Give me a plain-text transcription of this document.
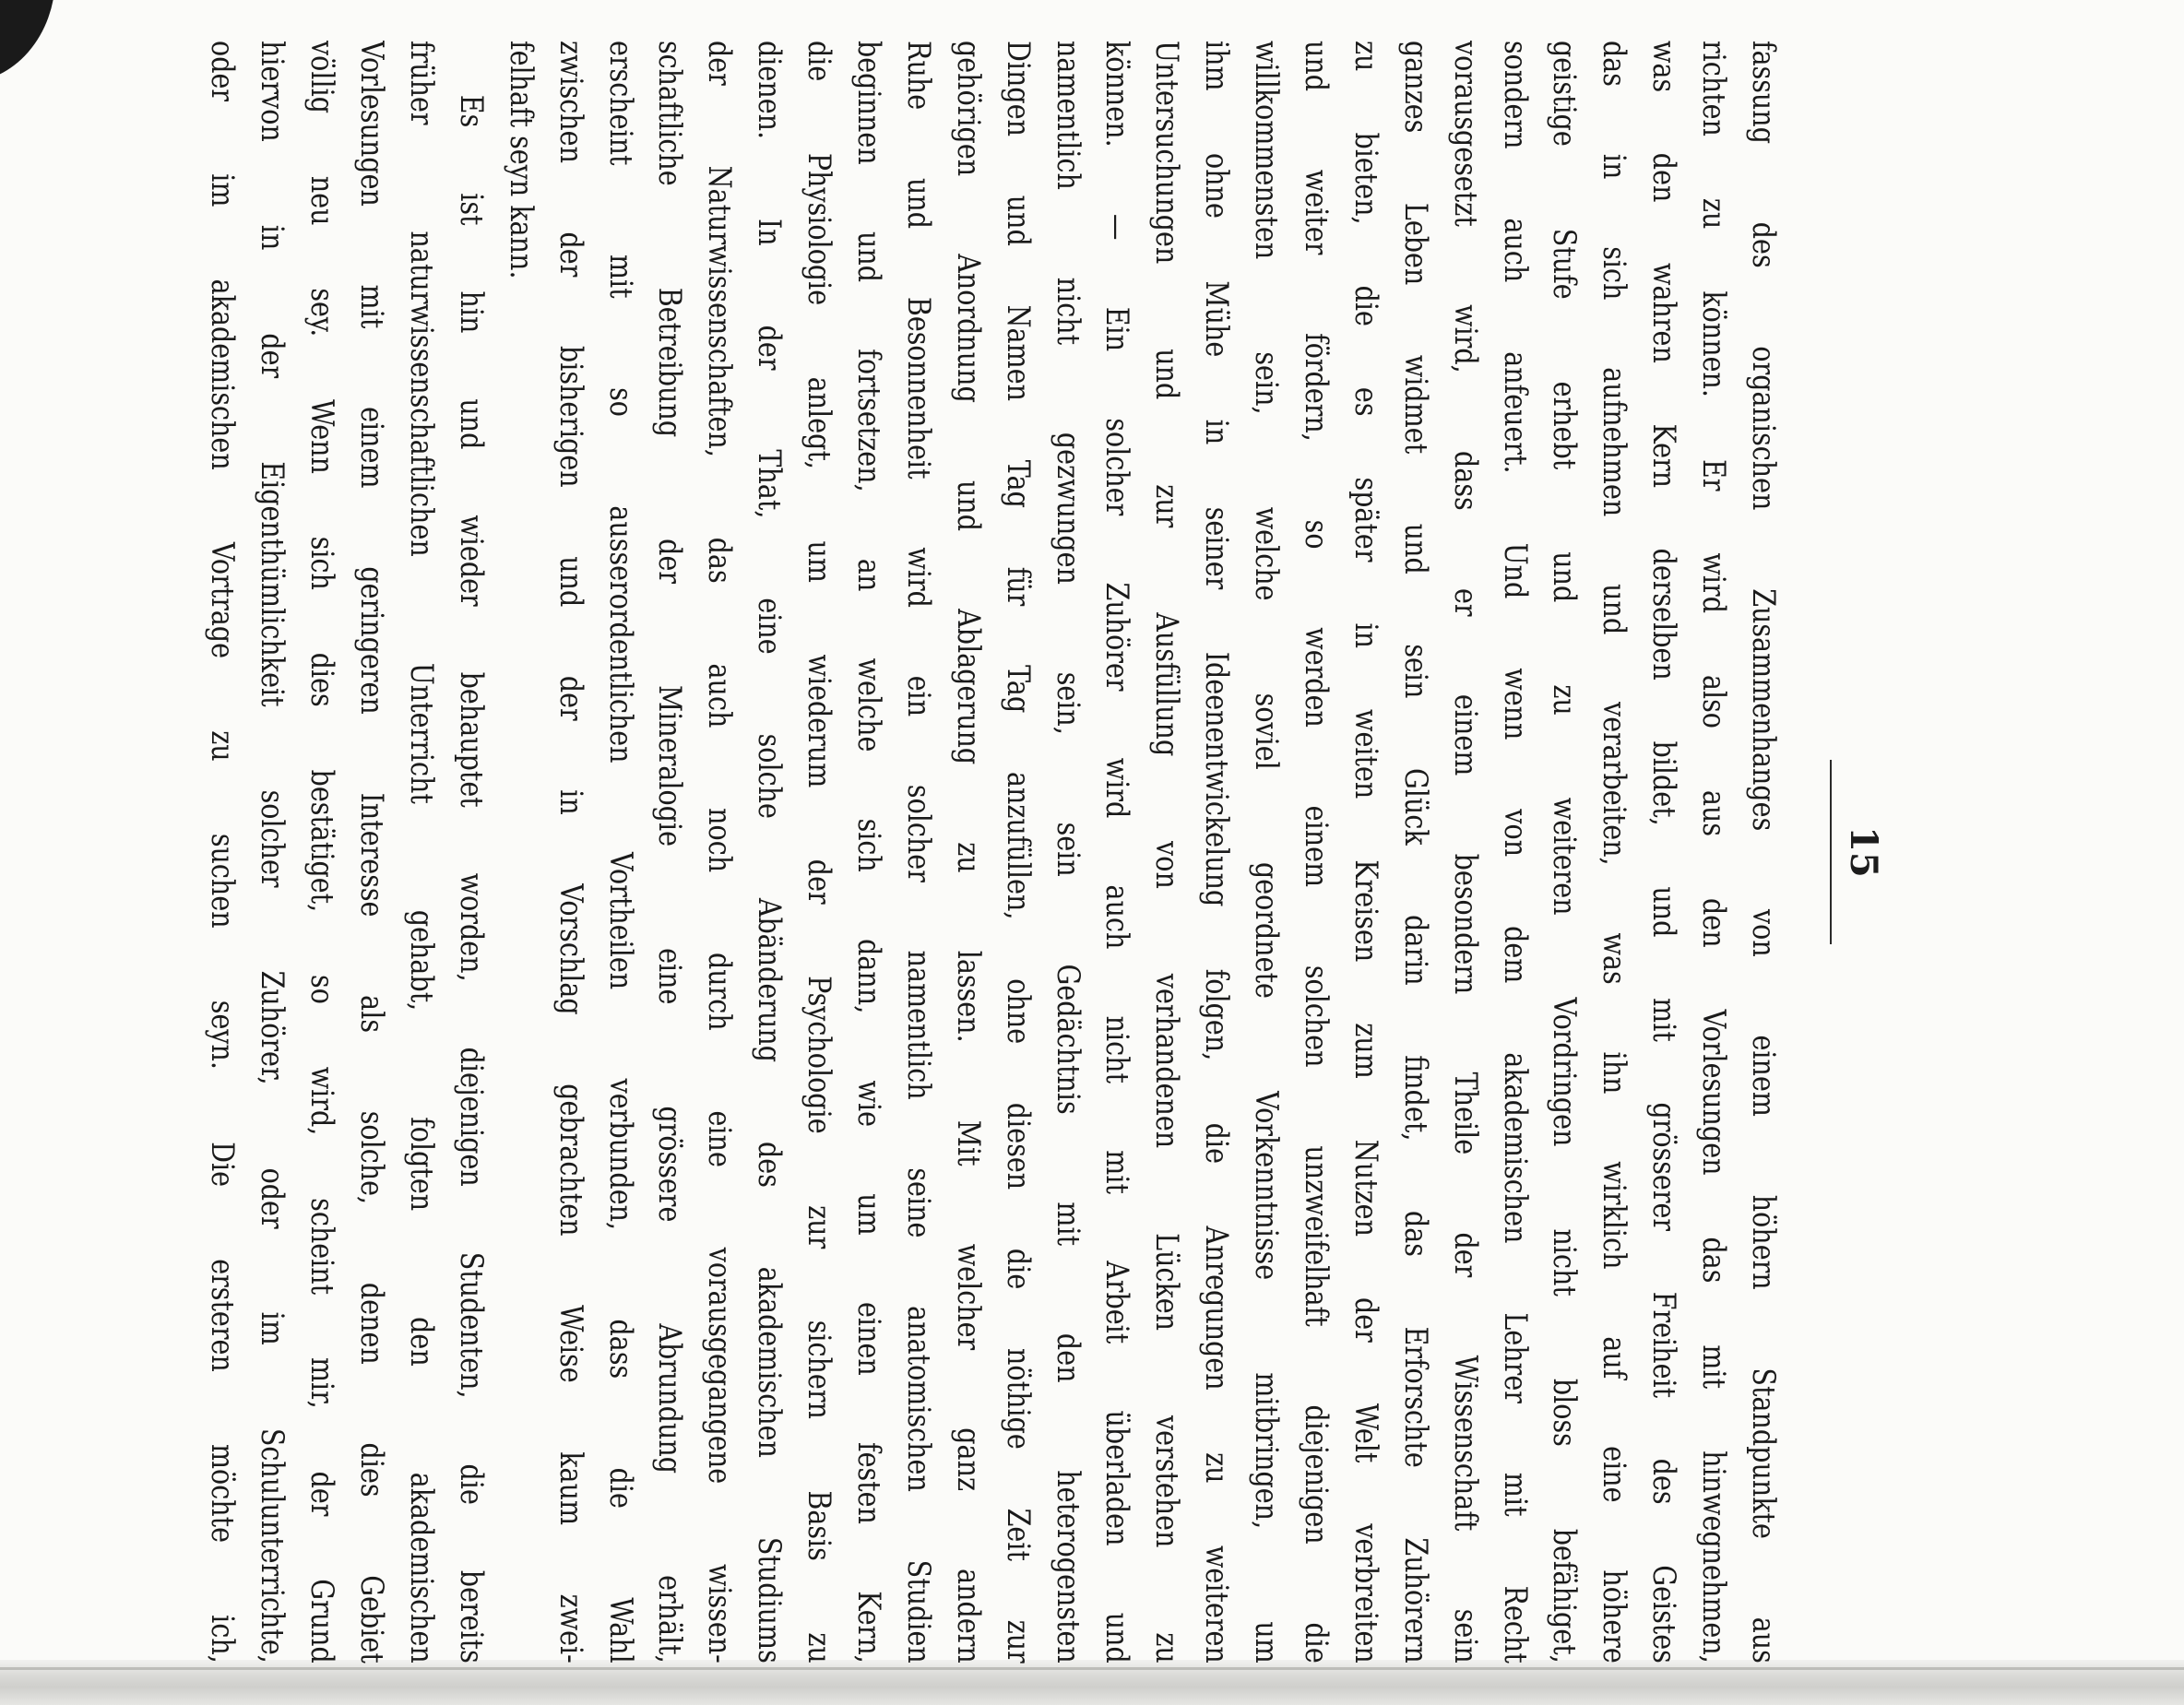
15
fassung des organischen Zusammenhanges von einem höhern Standpunkte aus
richten zu können. Er wird also aus den Vorlesungen das mit hinwegnehmen,
was den wahren Kern derselben bildet, und mit grösserer Freiheit des Geistes
das in sich aufnehmen und verarbeiten, was ihn wirklich auf eine höhere
geistige Stufe erhebt und zu weiteren Vordringen nicht bloss befähiget,
sondern auch anfeuert. Und wenn von dem akademischen Lehrer mit Recht
vorausgesetzt wird, dass er einem besondern Theile der Wissenschaft sein
ganzes Leben widmet und sein Glück darin findet, das Erforschte Zuhörern
zu bieten, die es später in weiten Kreisen zum Nutzen der Welt verbreiten
und weiter fördern, so werden einem solchen unzweifelhaft diejenigen die
willkommensten sein, welche soviel geordnete Vorkenntnisse mitbringen, um
ihm ohne Mühe in seiner Ideenentwickelung folgen, die Anregungen zu weiteren
Untersuchungen und zur Ausfüllung von verhandenen Lücken verstehen zu
können. — Ein solcher Zuhörer wird auch nicht mit Arbeit überladen und
namentlich nicht gezwungen sein, sein Gedächtnis mit den heterogensten
Dingen und Namen Tag für Tag anzufüllen, ohne diesen die nöthige Zeit zur
gehörigen Anordnung und Ablagerung zu lassen. Mit welcher ganz andern
Ruhe und Besonnenheit wird ein solcher namentlich seine anatomischen Studien
beginnen und fortsetzen, an welche sich dann, wie um einen festen Kern,
die Physiologie anlegt, um wiederum der Psychologie zur sichern Basis zu
dienen. In der That, eine solche Abänderung des akademischen Studiums
der Naturwissenschaften, das auch noch durch eine vorausgegangene wissen-
schaftliche Betreibung der Mineralogie eine grössere Abrundung erhält,
erscheint mit so ausserordentlichen Vortheilen verbunden, dass die Wahl
zwischen der bisherigen und der in Vorschlag gebrachten Weise kaum zwei-
felhaft seyn kann.
Es ist hin und wieder behauptet worden, diejenigen Studenten, die bereits
früher naturwissenschaftlichen Unterricht gehabt, folgten den akademischen
Vorlesungen mit einem geringeren Interesse als solche, denen dies Gebiet
völlig neu sey. Wenn sich dies bestätiget, so wird, scheint mir, der Grund
hiervon in der Eigenthümlichkeit solcher Zuhörer, oder im Schulunterrichte,
oder im akademischen Vortrage zu suchen seyn. Die ersteren möchte ich,
